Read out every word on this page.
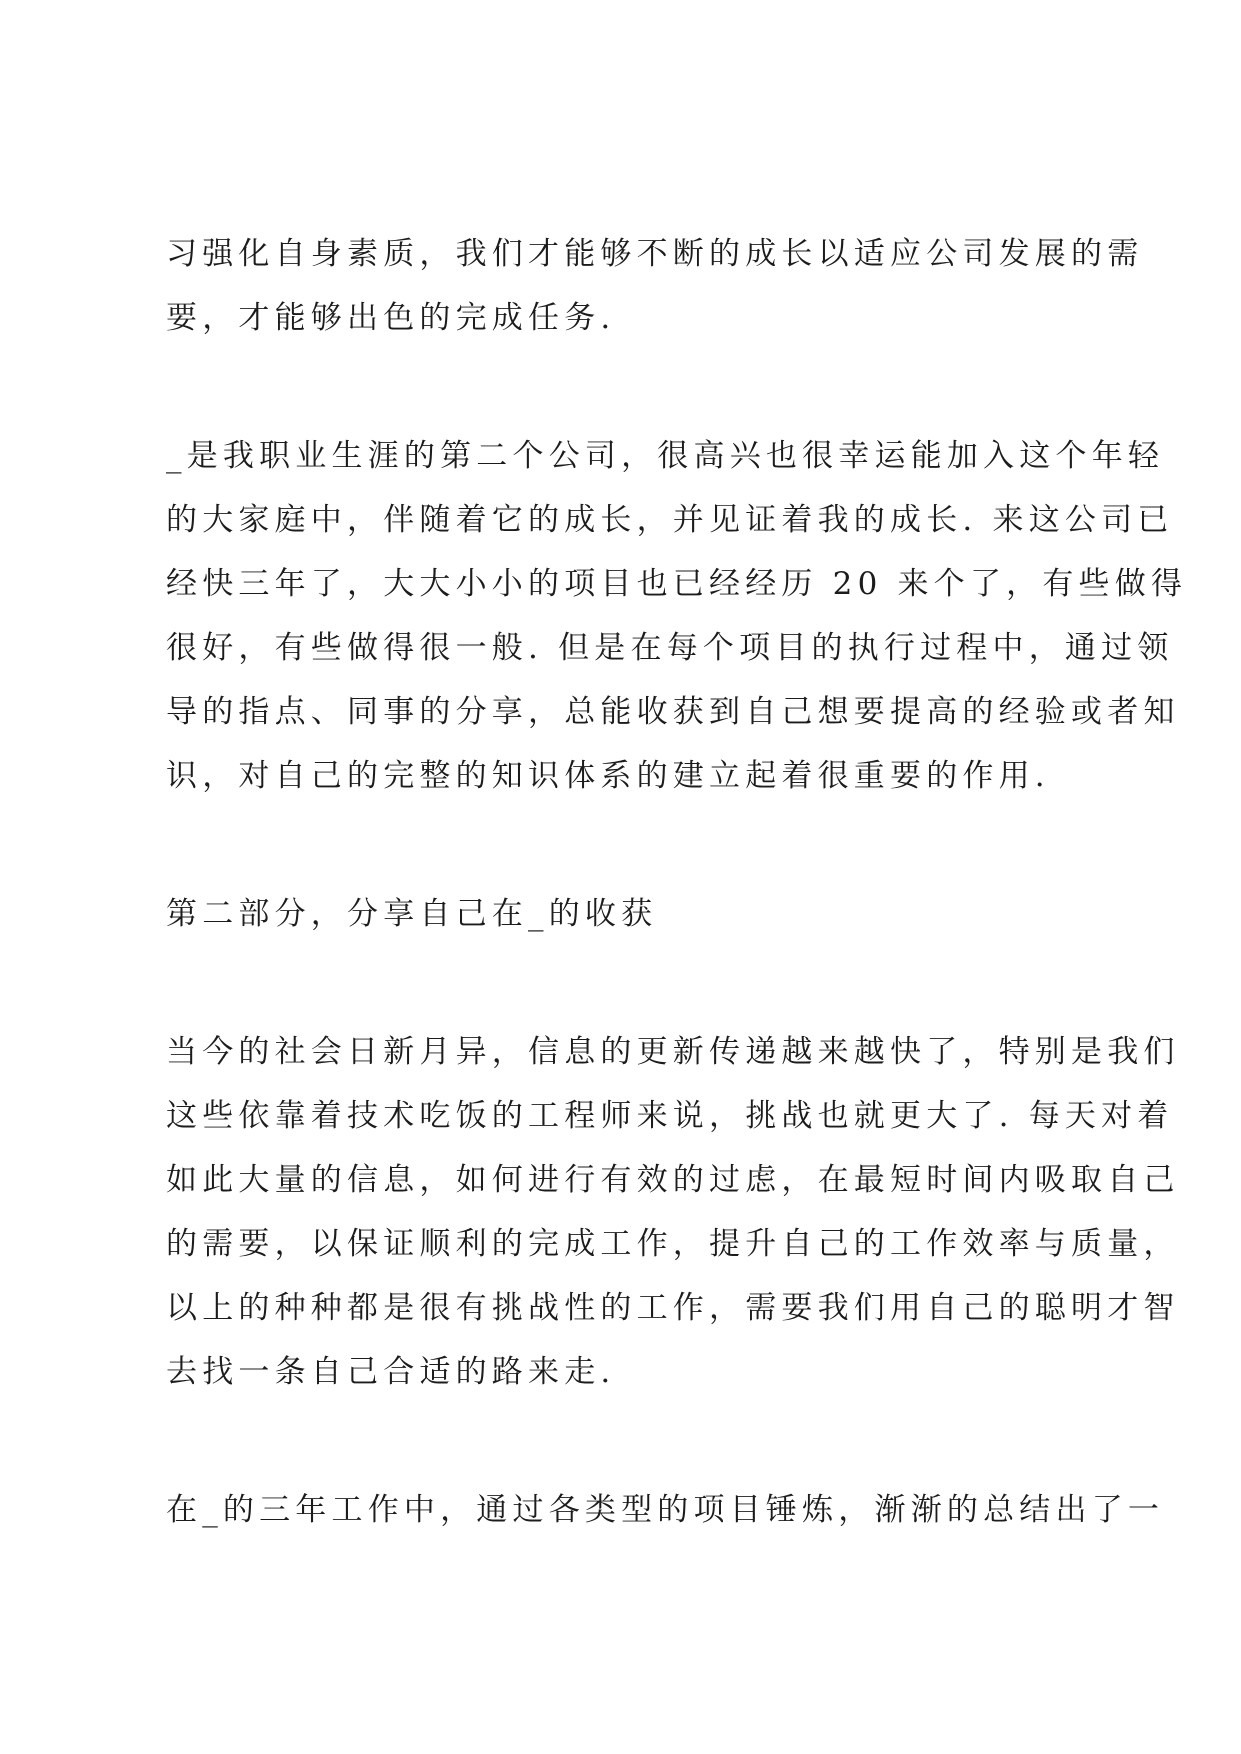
习强化自身素质，我们才能够不断的成长以适应公司发展的需
要，才能够出色的完成任务.

_是我职业生涯的第二个公司，很高兴也很幸运能加入这个年轻
的大家庭中，伴随着它的成长，并见证着我的成长. 来这公司已
经快三年了，大大小小的项目也已经经历 20 来个了，有些做得
很好，有些做得很一般. 但是在每个项目的执行过程中，通过领
导的指点、同事的分享，总能收获到自己想要提高的经验或者知
识，对自己的完整的知识体系的建立起着很重要的作用.

第二部分，分享自己在_的收获

当今的社会日新月异，信息的更新传递越来越快了，特别是我们
这些依靠着技术吃饭的工程师来说，挑战也就更大了. 每天对着
如此大量的信息，如何进行有效的过虑，在最短时间内吸取自己
的需要，以保证顺利的完成工作，提升自己的工作效率与质量，
以上的种种都是很有挑战性的工作，需要我们用自己的聪明才智
去找一条自己合适的路来走.

在_的三年工作中，通过各类型的项目锤炼，渐渐的总结出了一
